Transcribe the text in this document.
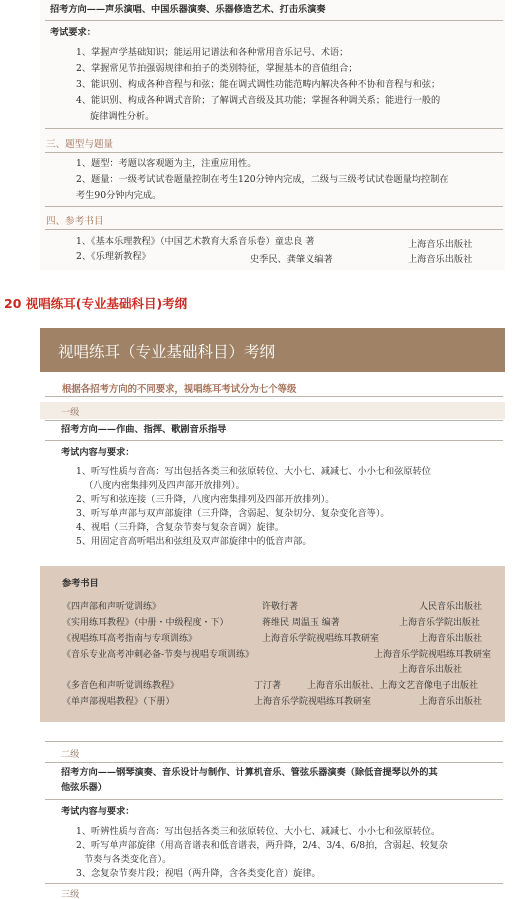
招考方向——声乐演唱、中国乐器演奏、乐器修造艺术、打击乐演奏
考试要求：
1、掌握声学基础知识；能运用记谱法和各种常用音乐记号、术语；
2、掌握常见节拍强弱规律和拍子的类别特征，掌握基本的音值组合；
3、能识别、构成各种音程与和弦；能在调式调性功能范畴内解决各种不协和音程与和弦；
4、能识别、构成各种调式音阶；了解调式音级及其功能；掌握各种调关系；能进行一般的
旋律调性分析。
三、题型与题量
1、题型：考题以客观题为主，注重应用性。
2、题量：一级考试试卷题量控制在考生120分钟内完成，二级与三级考试试卷题量均控制在
考生90分钟内完成。
四、参考书目
1、《基本乐理教程》（中国艺术教育大系音乐卷）童忠良 著	上海音乐出版社
2、《乐理新教程》	史季民、龚肇义编著	上海音乐出版社
20 视唱练耳(专业基础科目)考纲
视唱练耳（专业基础科目）考纲
根据各招考方向的不同要求，视唱练耳考试分为七个等级
一级
招考方向——作曲、指挥、歌剧音乐指导
考试内容与要求：
1、听写性质与音高：写出包括各类三和弦原转位、大小七、减减七、小小七和弦原转位
（八度内密集排列及四声部开放排列）。
2、听写和弦连接（三升降，八度内密集排列及四部开放排列）。
3、听写单声部与双声部旋律（三升降，含弱起、复杂切分、复杂变化音等）。
4、视唱（三升降，含复杂节奏与复杂音调）旋律。
5、用固定音高听唱出和弦组及双声部旋律中的低音声部。
参考书目
《四声部和声听觉训练》	许敬行著	人民音乐出版社
《实用练耳教程》（中册・中级程度・下）	蒋维民 周温玉 编著	上海音乐学院出版社
《视唱练耳高考指南与专项训练》	上海音乐学院视唱练耳教研室	上海音乐出版社
《音乐专业高考冲刺必备-节奏与视唱专项训练》	上海音乐学院视唱练耳教研室
上海音乐出版社
《多音色和声听觉训练教程》	丁汀著	上海音乐出版社、上海文艺音像电子出版社
《单声部视唱教程》（下册）	上海音乐学院视唱练耳教研室	上海音乐出版社
二级
招考方向——钢琴演奏、音乐设计与制作、计算机音乐、管弦乐器演奏（除低音提琴以外的其
他弦乐器）
考试内容与要求：
1、听辨性质与音高：写出包括各类三和弦原转位、大小七、减减七、小小七和弦原转位。
2、听写单声部旋律（用高音谱表和低音谱表，两升降，2/4、3/4、6/8拍，含弱起、较复杂
节奏与各类变化音）。
3、念复杂节奏片段；视唱（两升降，含各类变化音）旋律。
三级
